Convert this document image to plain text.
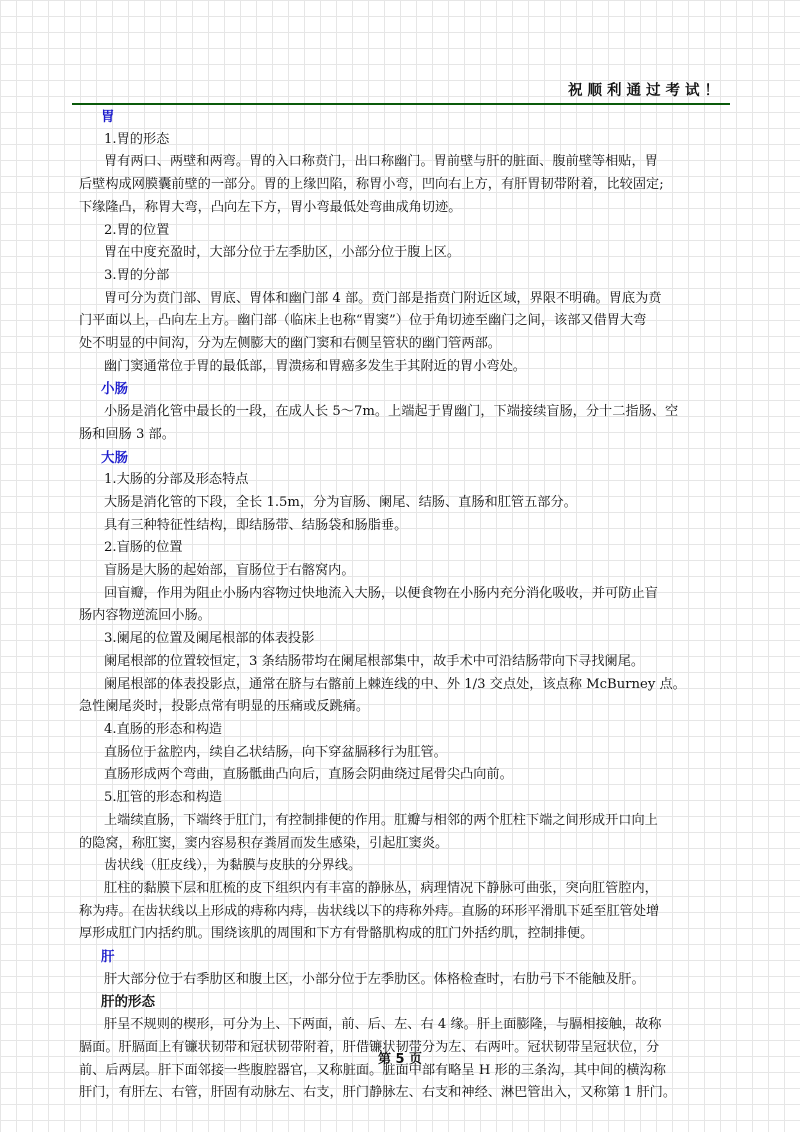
祝顺利通过考试！
胃
1.胃的形态
胃有两口、两壁和两弯。胃的入口称贲门，出口称幽门。胃前壁与肝的脏面、腹前壁等相贴，胃
后壁构成网膜囊前壁的一部分。胃的上缘凹陷，称胃小弯，凹向右上方，有肝胃韧带附着，比较固定;
下缘隆凸，称胃大弯，凸向左下方，胃小弯最低处弯曲成角切迹。
2.胃的位置
胃在中度充盈时，大部分位于左季肋区，小部分位于腹上区。
3.胃的分部
胃可分为贲门部、胃底、胃体和幽门部 4 部。贲门部是指贲门附近区域，界限不明确。胃底为贲
门平面以上，凸向左上方。幽门部（临床上也称“胃窦”）位于角切迹至幽门之间，该部又借胃大弯
处不明显的中间沟，分为左侧膨大的幽门窦和右侧呈管状的幽门管两部。
幽门窦通常位于胃的最低部，胃溃疡和胃癌多发生于其附近的胃小弯处。
小肠
小肠是消化管中最长的一段，在成人长 5～7m。上端起于胃幽门，下端接续盲肠，分十二指肠、空
肠和回肠 3 部。
大肠
1.大肠的分部及形态特点
大肠是消化管的下段，全长 1.5m，分为盲肠、阑尾、结肠、直肠和肛管五部分。
具有三种特征性结构，即结肠带、结肠袋和肠脂垂。
2.盲肠的位置
盲肠是大肠的起始部，盲肠位于右髂窝内。
回盲瓣，作用为阻止小肠内容物过快地流入大肠，以便食物在小肠内充分消化吸收，并可防止盲
肠内容物逆流回小肠。
3.阑尾的位置及阑尾根部的体表投影
阑尾根部的位置较恒定，3 条结肠带均在阑尾根部集中，故手术中可沿结肠带向下寻找阑尾。
阑尾根部的体表投影点，通常在脐与右髂前上棘连线的中、外 1/3 交点处，该点称 McBurney 点。
急性阑尾炎时，投影点常有明显的压痛或反跳痛。
4.直肠的形态和构造
直肠位于盆腔内，续自乙状结肠，向下穿盆膈移行为肛管。
直肠形成两个弯曲，直肠骶曲凸向后，直肠会阴曲绕过尾骨尖凸向前。
5.肛管的形态和构造
上端续直肠，下端终于肛门，有控制排便的作用。肛瓣与相邻的两个肛柱下端之间形成开口向上
的隐窝，称肛窦，窦内容易积存粪屑而发生感染，引起肛窦炎。
齿状线（肛皮线），为黏膜与皮肤的分界线。
肛柱的黏膜下层和肛梳的皮下组织内有丰富的静脉丛，病理情况下静脉可曲张，突向肛管腔内，
称为痔。在齿状线以上形成的痔称内痔，齿状线以下的痔称外痔。直肠的环形平滑肌下延至肛管处增
厚形成肛门内括约肌。围绕该肌的周围和下方有骨骼肌构成的肛门外括约肌，控制排便。
肝
肝大部分位于右季肋区和腹上区，小部分位于左季肋区。体格检查时，右肋弓下不能触及肝。
肝的形态
肝呈不规则的楔形，可分为上、下两面，前、后、左、右 4 缘。肝上面膨隆，与膈相接触，故称
膈面。肝膈面上有镰状韧带和冠状韧带附着，肝借镰状韧带分为左、右两叶。冠状韧带呈冠状位，分
前、后两层。肝下面邻接一些腹腔器官，又称脏面。脏面中部有略呈 H 形的三条沟，其中间的横沟称
肝门，有肝左、右管，肝固有动脉左、右支，肝门静脉左、右支和神经、淋巴管出入，又称第 1 肝门。
第 5 页
